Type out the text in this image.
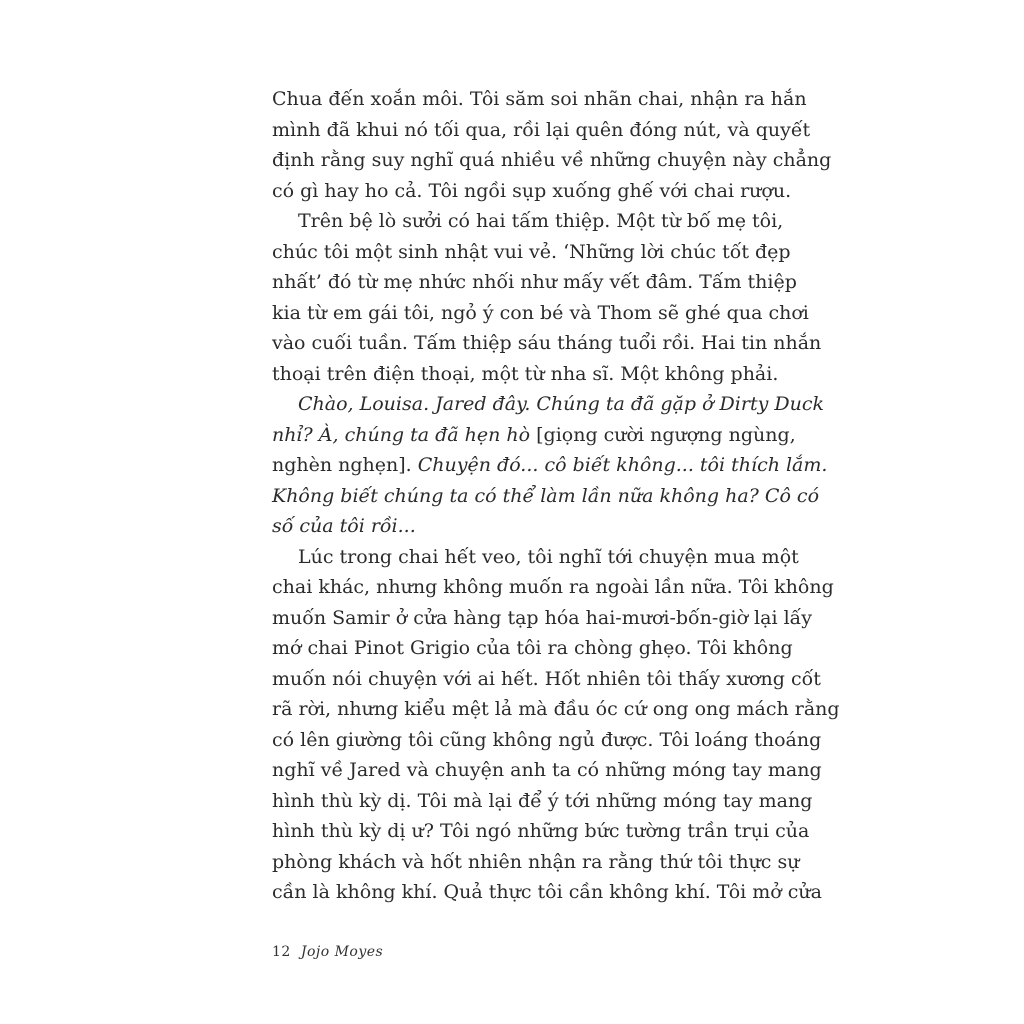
Chua đến xoắn môi. Tôi săm soi nhãn chai, nhận ra hắn
mình đã khui nó tối qua, rồi lại quên đóng nút, và quyết
định rằng suy nghĩ quá nhiều về những chuyện này chẳng
có gì hay ho cả. Tôi ngồi sụp xuống ghế với chai rượu.
Trên bệ lò sưởi có hai tấm thiệp. Một từ bố mẹ tôi,
chúc tôi một sinh nhật vui vẻ. ‘Những lời chúc tốt đẹp
nhất’ đó từ mẹ nhức nhối như mấy vết đâm. Tấm thiệp
kia từ em gái tôi, ngỏ ý con bé và Thom sẽ ghé qua chơi
vào cuối tuần. Tấm thiệp sáu tháng tuổi rồi. Hai tin nhắn
thoại trên điện thoại, một từ nha sĩ. Một không phải.
Chào, Louisa. Jared đây. Chúng ta đã gặp ở Dirty Duck
nhỉ? À, chúng ta đã hẹn hò [giọng cười ngượng ngùng,
nghèn nghẹn]. Chuyện đó... cô biết không... tôi thích lắm.
Không biết chúng ta có thể làm lần nữa không ha? Cô có
số của tôi rồi...
Lúc trong chai hết veo, tôi nghĩ tới chuyện mua một
chai khác, nhưng không muốn ra ngoài lần nữa. Tôi không
muốn Samir ở cửa hàng tạp hóa hai-mươi-bốn-giờ lại lấy
mớ chai Pinot Grigio của tôi ra chòng ghẹo. Tôi không
muốn nói chuyện với ai hết. Hốt nhiên tôi thấy xương cốt
rã rời, nhưng kiểu mệt lả mà đầu óc cứ ong ong mách rằng
có lên giường tôi cũng không ngủ được. Tôi loáng thoáng
nghĩ về Jared và chuyện anh ta có những móng tay mang
hình thù kỳ dị. Tôi mà lại để ý tới những móng tay mang
hình thù kỳ dị ư? Tôi ngó những bức tường trần trụi của
phòng khách và hốt nhiên nhận ra rằng thứ tôi thực sự
cần là không khí. Quả thực tôi cần không khí. Tôi mở cửa
12 Jojo Moyes
